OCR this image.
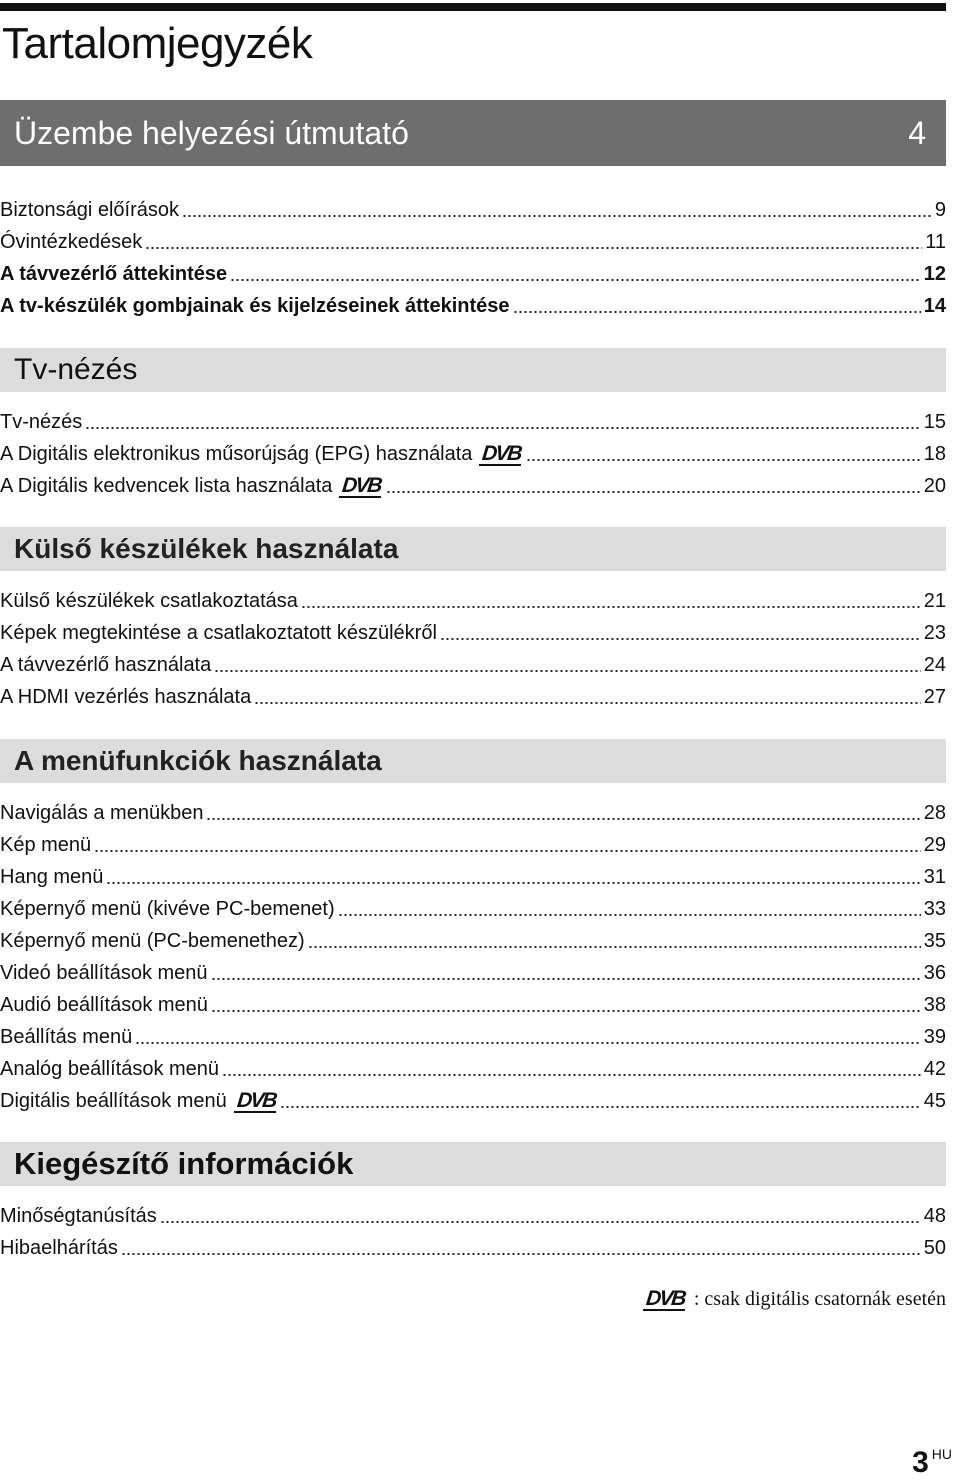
Tartalomjegyzék
Üzembe helyezési útmutató	4
Biztonsági előírások	9
Óvintézkedések	11
A távvezérlő áttekintése	12
A tv-készülék gombjainak és kijelzéseinek áttekintése	14
Tv-nézés
Tv-nézés	15
A Digitális elektronikus műsorújság (EPG) használata DVB	18
A Digitális kedvencek lista használata DVB	20
Külső készülékek használata
Külső készülékek csatlakoztatása	21
Képek megtekintése a csatlakoztatott készülékről	23
A távvezérlő használata	24
A HDMI vezérlés használata	27
A menüfunkciók használata
Navigálás a menükben	28
Kép menü	29
Hang menü	31
Képernyő menü (kivéve PC-bemenet)	33
Képernyő menü (PC-bemenethez)	35
Videó beállítások menü	36
Audió beállítások menü	38
Beállítás menü	39
Analóg beállítások menü	42
Digitális beállítások menü DVB	45
Kiegészítő információk
Minőségtanúsítás	48
Hibaelhárítás	50
DVB : csak digitális csatornák esetén
3 HU
